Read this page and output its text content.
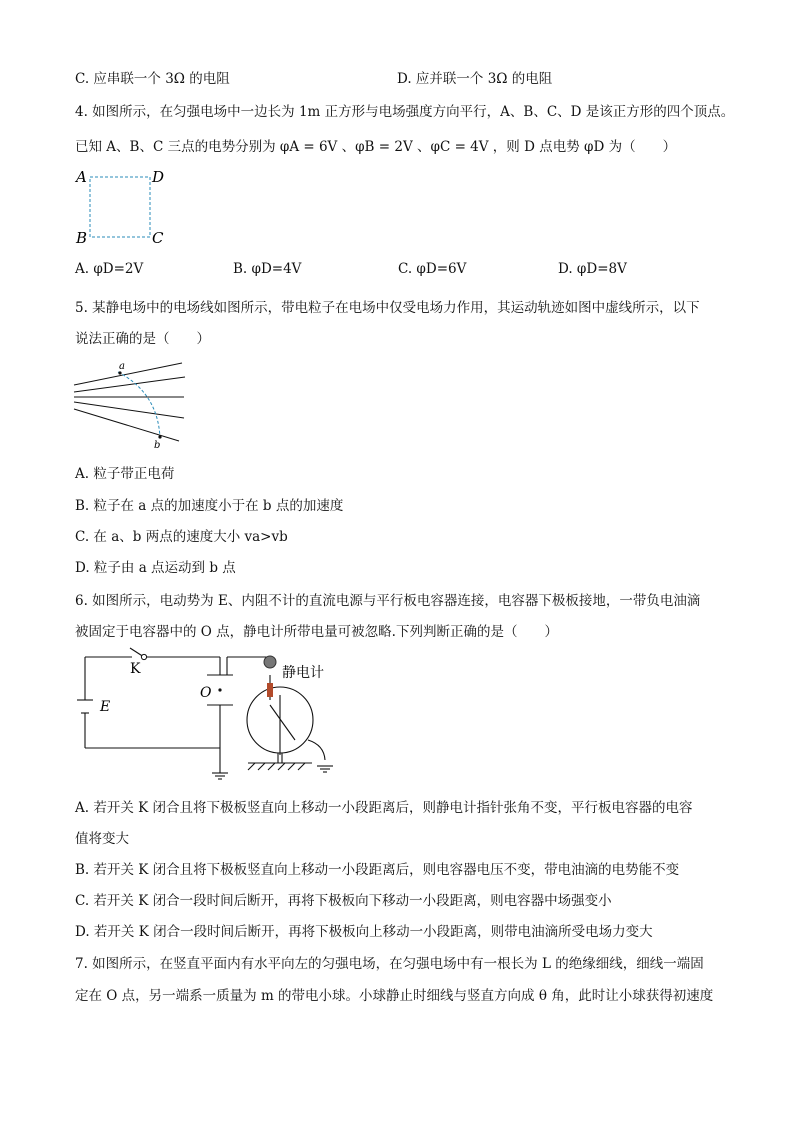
C. 应串联一个 3Ω 的电阻	D. 应并联一个 3Ω 的电阻
4. 如图所示，在匀强电场中一边长为 1m 正方形与电场强度方向平行，A、B、C、D 是该正方形的四个顶点。
已知 A、B、C 三点的电势分别为 φA = 6V 、φB = 2V 、φC = 4V ，则 D 点电势 φD 为（　　）
A	D
B	C
A. φD=2V	B. φD=4V	C. φD=6V	D. φD=8V
5. 某静电场中的电场线如图所示，带电粒子在电场中仅受电场力作用，其运动轨迹如图中虚线所示，以下
说法正确的是（　　）
a
b
A. 粒子带正电荷
B. 粒子在 a 点的加速度小于在 b 点的加速度
C. 在 a、b 两点的速度大小 va>vb
D. 粒子由 a 点运动到 b 点
6. 如图所示，电动势为 E、内阻不计的直流电源与平行板电容器连接，电容器下极板接地，一带负电油滴
被固定于电容器中的 O 点，静电计所带电量可被忽略.下列判断正确的是（　　）
K
O
E
静电计
A. 若开关 K 闭合且将下极板竖直向上移动一小段距离后，则静电计指针张角不变，平行板电容器的电容
值将变大
B. 若开关 K 闭合且将下极板竖直向上移动一小段距离后，则电容器电压不变，带电油滴的电势能不变
C. 若开关 K 闭合一段时间后断开，再将下极板向下移动一小段距离，则电容器中场强变小
D. 若开关 K 闭合一段时间后断开，再将下极板向上移动一小段距离，则带电油滴所受电场力变大
7. 如图所示，在竖直平面内有水平向左的匀强电场，在匀强电场中有一根长为 L 的绝缘细线，细线一端固
定在 O 点，另一端系一质量为 m 的带电小球。小球静止时细线与竖直方向成 θ 角，此时让小球获得初速度
